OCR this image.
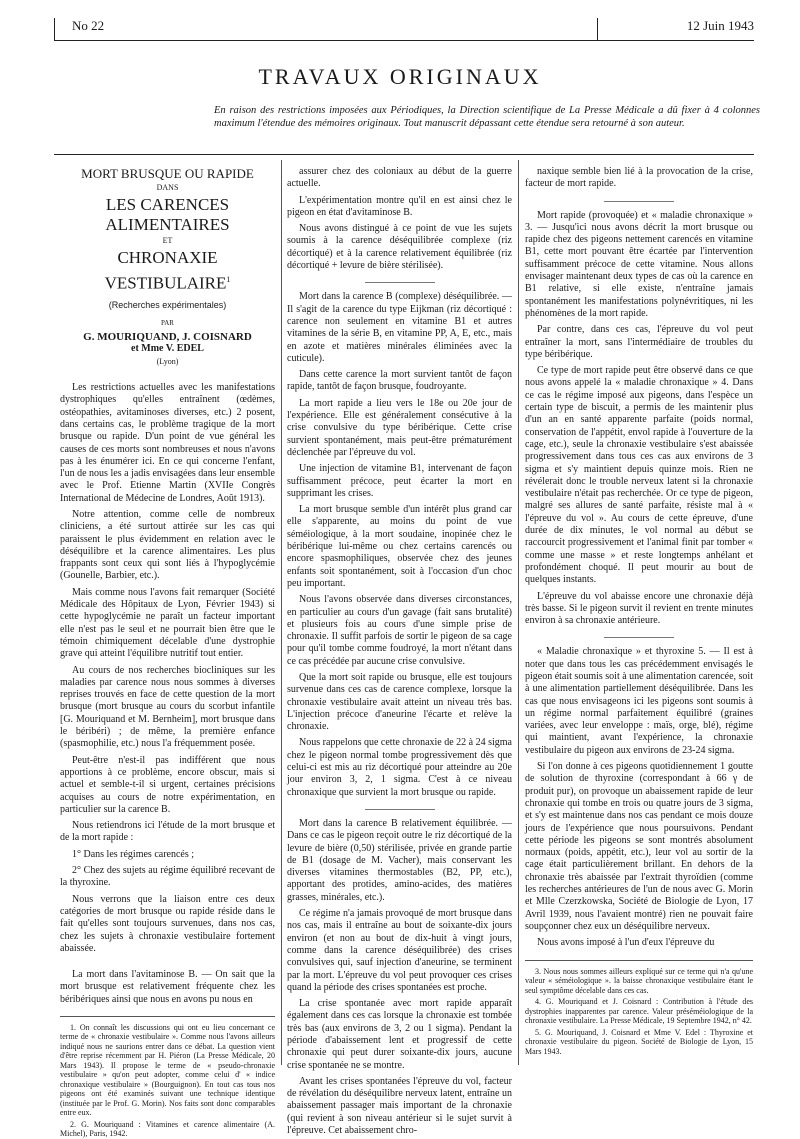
No 22	12 Juin 1943
TRAVAUX ORIGINAUX
En raison des restrictions imposées aux Périodiques, la Direction scientifique de La Presse Médicale a dû fixer à 4 colonnes maximum l'étendue des mémoires originaux. Tout manuscrit dépassant cette étendue sera retourné à son auteur.
MORT BRUSQUE OU RAPIDE
DANS
LES CARENCES ALIMENTAIRES
ET
CHRONAXIE VESTIBULAIRE$^1$
(Recherches expérimentales)
PAR
G. MOURIQUAND, J. COISNARD
et Mme V. EDEL
(Lyon)

Les restrictions actuelles avec les manifestations dystrophiques qu'elles entraînent (œdèmes, ostéopathies, avitaminoses diverses, etc.) 2 posent, dans certains cas, le problème tragique de la mort brusque ou rapide. D'un point de vue général les causes de ces morts sont nombreuses et nous n'avons pas à les énumérer ici. En ce qui concerne l'enfant, l'un de nous les a jadis envisagées dans leur ensemble avec le Prof. Etienne Martin (XVIIe Congrès International de Médecine de Londres, Août 1913).

Notre attention, comme celle de nombreux cliniciens, a été surtout attirée sur les cas qui paraissent le plus évidemment en relation avec le déséquilibre et la carence alimentaires. Les plus frappants sont ceux qui sont liés à l'hypoglycémie (Gounelle, Barbier, etc.).

Mais comme nous l'avons fait remarquer (Société Médicale des Hôpitaux de Lyon, Février 1943) si cette hypoglycémie ne paraît un facteur important elle n'est pas le seul et ne pourrait bien être que le témoin chimiquement décelable d'une dystrophie grave qui atteint l'équilibre nutritif tout entier.

Au cours de nos recherches biocliniques sur les maladies par carence nous nous sommes à diverses reprises trouvés en face de cette question de la mort brusque (mort brusque au cours du scorbut infantile [G. Mouriquand et M. Bernheim], mort brusque dans le béribéri) ; de même, la première enfance (spasmophilie, etc.) nous l'a fréquemment posée.

Peut-être n'est-il pas indifférent que nous apportions à ce problème, encore obscur, mais si actuel et semble-t-il si urgent, certaines précisions acquises au cours de notre expérimentation, en particulier sur la carence B.

Nous retiendrons ici l'étude de la mort brusque et de la mort rapide :

1° Dans les régimes carencés ;

2° Chez des sujets au régime équilibré recevant de la thyroxine.

Nous verrons que la liaison entre ces deux catégories de mort brusque ou rapide réside dans le fait qu'elles sont toujours survenues, dans nos cas, chez les sujets à chronaxie vestibulaire fortement abaissée.

La mort dans l'avitaminose B. — On sait que la mort brusque est relativement fréquente chez les béribériques ainsi que nous en avons pu nous en

1. On connaît les discussions qui ont eu lieu concernant ce terme de « chronaxie vestibulaire ». Comme nous l'avons ailleurs indiqué nous ne saurions entrer dans ce débat. La question vient d'être reprise récemment par H. Piéron (La Presse Médicale, 20 Mars 1943). Il propose le terme de « pseudo-chronaxie vestibulaire » qu'on peut adopter, comme celui d' « indice chronaxique vestibulaire » (Bourguignon). En tout cas tous nos pigeons ont été examinés suivant une technique identique (instituée par le Prof. G. Morin). Nos faits sont donc comparables entre eux.

2. G. Mouriquand : Vitamines et carence alimentaire (A. Michel), Paris, 1942.

assurer chez des coloniaux au début de la guerre actuelle.

L'expérimentation montre qu'il en est ainsi chez le pigeon en état d'avitaminose B.

Nous avons distingué à ce point de vue les sujets soumis à la carence déséquilibrée complexe (riz décortiqué) et à la carence relativement équilibrée (riz décortiqué + levure de bière stérilisée).

Mort dans la carence B (complexe) déséquilibrée. — Il s'agit de la carence du type Eijkman (riz décortiqué : carence non seulement en vitamine B1 et autres vitamines de la série B, en vitamine PP, A, E, etc., mais en azote et matières minérales éliminées avec la cuticule).

Dans cette carence la mort survient tantôt de façon rapide, tantôt de façon brusque, foudroyante.

La mort rapide a lieu vers le 18e ou 20e jour de l'expérience. Elle est généralement consécutive à la crise convulsive du type béribérique. Cette crise survient spontanément, mais peut-être prématurément déclenchée par l'épreuve du vol.

Une injection de vitamine B1, intervenant de façon suffisamment précoce, peut écarter la mort en supprimant les crises.

La mort brusque semble d'un intérêt plus grand car elle s'apparente, au moins du point de vue séméiologique, à la mort soudaine, inopinée chez le béribérique lui-même ou chez certains carencés ou encore spasmophiliques, observée chez des jeunes enfants soit spontanément, soit à l'occasion d'un choc peu important.

Nous l'avons observée dans diverses circonstances, en particulier au cours d'un gavage (fait sans brutalité) et plusieurs fois au cours d'une simple prise de chronaxie. Il suffit parfois de sortir le pigeon de sa cage pour qu'il tombe comme foudroyé, la mort n'étant dans ce cas précédée par aucune crise convulsive.

Que la mort soit rapide ou brusque, elle est toujours survenue dans ces cas de carence complexe, lorsque la chronaxie vestibulaire avait atteint un niveau très bas. L'injection précoce d'aneurine l'écarte et relève la chronaxie.

Nous rappelons que cette chronaxie de 22 à 24 sigma chez le pigeon normal tombe progressivement dès que celui-ci est mis au riz décortiqué pour atteindre au 20e jour environ 3, 2, 1 sigma. C'est à ce niveau chronaxique que survient la mort brusque ou rapide.

Mort dans la carence B relativement équilibrée. — Dans ce cas le pigeon reçoit outre le riz décortiqué de la levure de bière (0,50) stérilisée, privée en grande partie de B1 (dosage de M. Vacher), mais conservant les diverses vitamines thermostables (B2, PP, etc.), apportant des protides, amino-acides, des matières grasses, minérales, etc.).

Ce régime n'a jamais provoqué de mort brusque dans nos cas, mais il entraîne au bout de soixante-dix jours environ (et non au bout de dix-huit à vingt jours, comme dans la carence déséquilibrée) des crises convulsives qui, sauf injection d'aneurine, se terminent par la mort. L'épreuve du vol peut provoquer ces crises quand la période des crises spontanées est proche.

La crise spontanée avec mort rapide apparaît également dans ces cas lorsque la chronaxie est tombée très bas (aux environs de 3, 2 ou 1 sigma). Pendant la période d'abaissement lent et progressif de cette chronaxie qui peut durer soixante-dix jours, aucune crise spontanée ne se montre.

Avant les crises spontanées l'épreuve du vol, facteur de révélation du déséquilibre nerveux latent, entraîne un abaissement passager mais important de la chronaxie (qui revient à son niveau antérieur si le sujet survit à l'épreuve. Cet abaissement chro-

naxique semble bien lié à la provocation de la crise, facteur de mort rapide.

Mort rapide (provoquée) et « maladie chronaxique » 3. — Jusqu'ici nous avons décrit la mort brusque ou rapide chez des pigeons nettement carencés en vitamine B1, cette mort pouvant être écartée par l'intervention suffisamment précoce de cette vitamine. Nous allons envisager maintenant deux types de cas où la carence en B1 relative, si elle existe, n'entraîne jamais spontanément les manifestations polynévritiques, ni les phénomènes de la mort rapide.

Par contre, dans ces cas, l'épreuve du vol peut entraîner la mort, sans l'intermédiaire de troubles du type béribérique.

Ce type de mort rapide peut être observé dans ce que nous avons appelé la « maladie chronaxique » 4. Dans ce cas le régime imposé aux pigeons, dans l'espèce un certain type de biscuit, a permis de les maintenir plus d'un an en santé apparente parfaite (poids normal, conservation de l'appétit, envol rapide à l'ouverture de la cage, etc.), seule la chronaxie vestibulaire s'est abaissée progressivement dans tous ces cas aux environs de 3 sigma et s'y maintient depuis quinze mois. Rien ne révélerait donc le trouble nerveux latent si la chronaxie vestibulaire n'était pas recherchée. Or ce type de pigeon, malgré ses allures de santé parfaite, résiste mal à « l'épreuve du vol ». Au cours de cette épreuve, d'une durée de dix minutes, le vol normal au début se raccourcit progressivement et l'animal finit par tomber « comme une masse » et reste longtemps anhélant et profondément choqué. Il peut mourir au bout de quelques instants.

L'épreuve du vol abaisse encore une chronaxie déjà très basse. Si le pigeon survit il revient en trente minutes environ à sa chronaxie antérieure.

« Maladie chronaxique » et thyroxine 5. — Il est à noter que dans tous les cas précédemment envisagés le pigeon était soumis soit à une alimentation carencée, soit à une alimentation partiellement déséquilibrée. Dans les cas que nous envisageons ici les pigeons sont soumis à un régime normal parfaitement équilibré (graines variées, avec leur enveloppe : maïs, orge, blé), régime qui maintient, avant l'expérience, la chronaxie vestibulaire du pigeon aux environs de 23-24 sigma.

Si l'on donne à ces pigeons quotidiennement 1 goutte de solution de thyroxine (correspondant à 66 γ de produit pur), on provoque un abaissement rapide de leur chronaxie qui tombe en trois ou quatre jours de 3 sigma, et s'y est maintenue dans nos cas pendant ce mois douze jours de l'expérience que nous poursuivons. Pendant cette période les pigeons se sont montrés absolument normaux (poids, appétit, etc.), leur vol au sortir de la cage était particulièrement brillant. En dehors de la chronaxie très abaissée par l'extrait thyroïdien (comme les recherches antérieures de l'un de nous avec G. Morin et Mlle Czerzkowska, Société de Biologie de Lyon, 17 Avril 1939, nous l'avaient montré) rien ne pouvait faire soupçonner chez eux un déséquilibre nerveux.

Nous avons imposé à l'un d'eux l'épreuve du

3. Nous nous sommes ailleurs expliqué sur ce terme qui n'a qu'une valeur « séméiologique ». la baisse chronaxique vestibulaire étant le seul symptôme décelable dans ces cas.

4. G. Mouriquand et J. Coisnard : Contribution à l'étude des dystrophies inapparentes par carence. Valeur préséméiologique de la chronaxie vestibulaire. La Presse Médicale, 19 Septembre 1942, n° 42.

5. G. Mouriquand, J. Coisnard et Mme V. Edel : Thyroxine et chronaxie vestibulaire du pigeon. Société de Biologie de Lyon, 15 Mars 1943.
